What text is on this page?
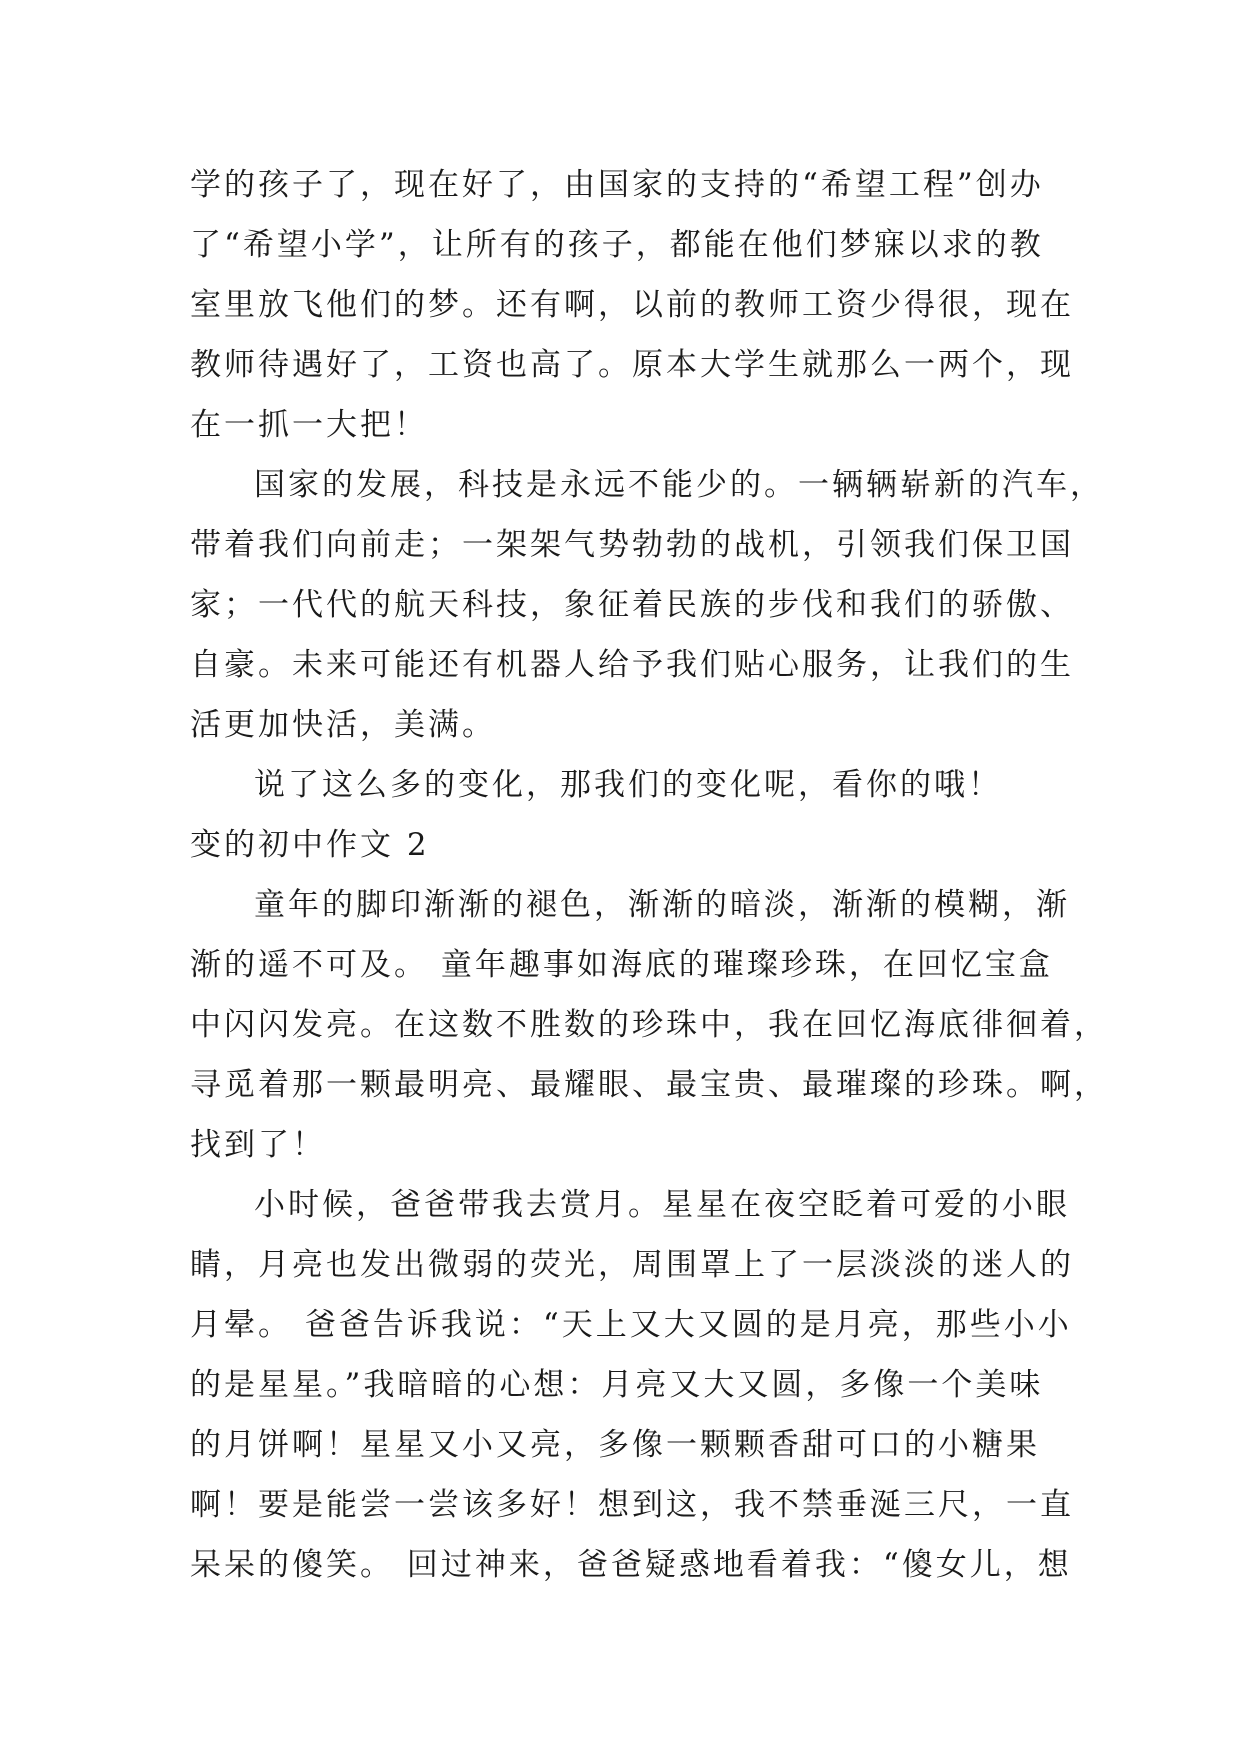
学的孩子了，现在好了，由国家的支持的“希望工程”创办
了“希望小学”，让所有的孩子，都能在他们梦寐以求的教
室里放飞他们的梦。还有啊，以前的教师工资少得很，现在
教师待遇好了，工资也高了。原本大学生就那么一两个，现
在一抓一大把！
国家的发展，科技是永远不能少的。一辆辆崭新的汽车，
带着我们向前走；一架架气势勃勃的战机，引领我们保卫国
家；一代代的航天科技，象征着民族的步伐和我们的骄傲、
自豪。未来可能还有机器人给予我们贴心服务，让我们的生
活更加快活，美满。
说了这么多的变化，那我们的变化呢，看你的哦！
变的初中作文 2
童年的脚印渐渐的褪色，渐渐的暗淡，渐渐的模糊，渐
渐的遥不可及。 童年趣事如海底的璀璨珍珠，在回忆宝盒
中闪闪发亮。在这数不胜数的珍珠中，我在回忆海底徘徊着，
寻觅着那一颗最明亮、最耀眼、最宝贵、最璀璨的珍珠。啊，
找到了！
小时候，爸爸带我去赏月。星星在夜空眨着可爱的小眼
睛，月亮也发出微弱的荧光，周围罩上了一层淡淡的迷人的
月晕。 爸爸告诉我说：“天上又大又圆的是月亮，那些小小
的是星星。”我暗暗的心想：月亮又大又圆，多像一个美味
的月饼啊！星星又小又亮，多像一颗颗香甜可口的小糖果
啊！要是能尝一尝该多好！想到这，我不禁垂涎三尺，一直
呆呆的傻笑。 回过神来，爸爸疑惑地看着我：“傻女儿，想
